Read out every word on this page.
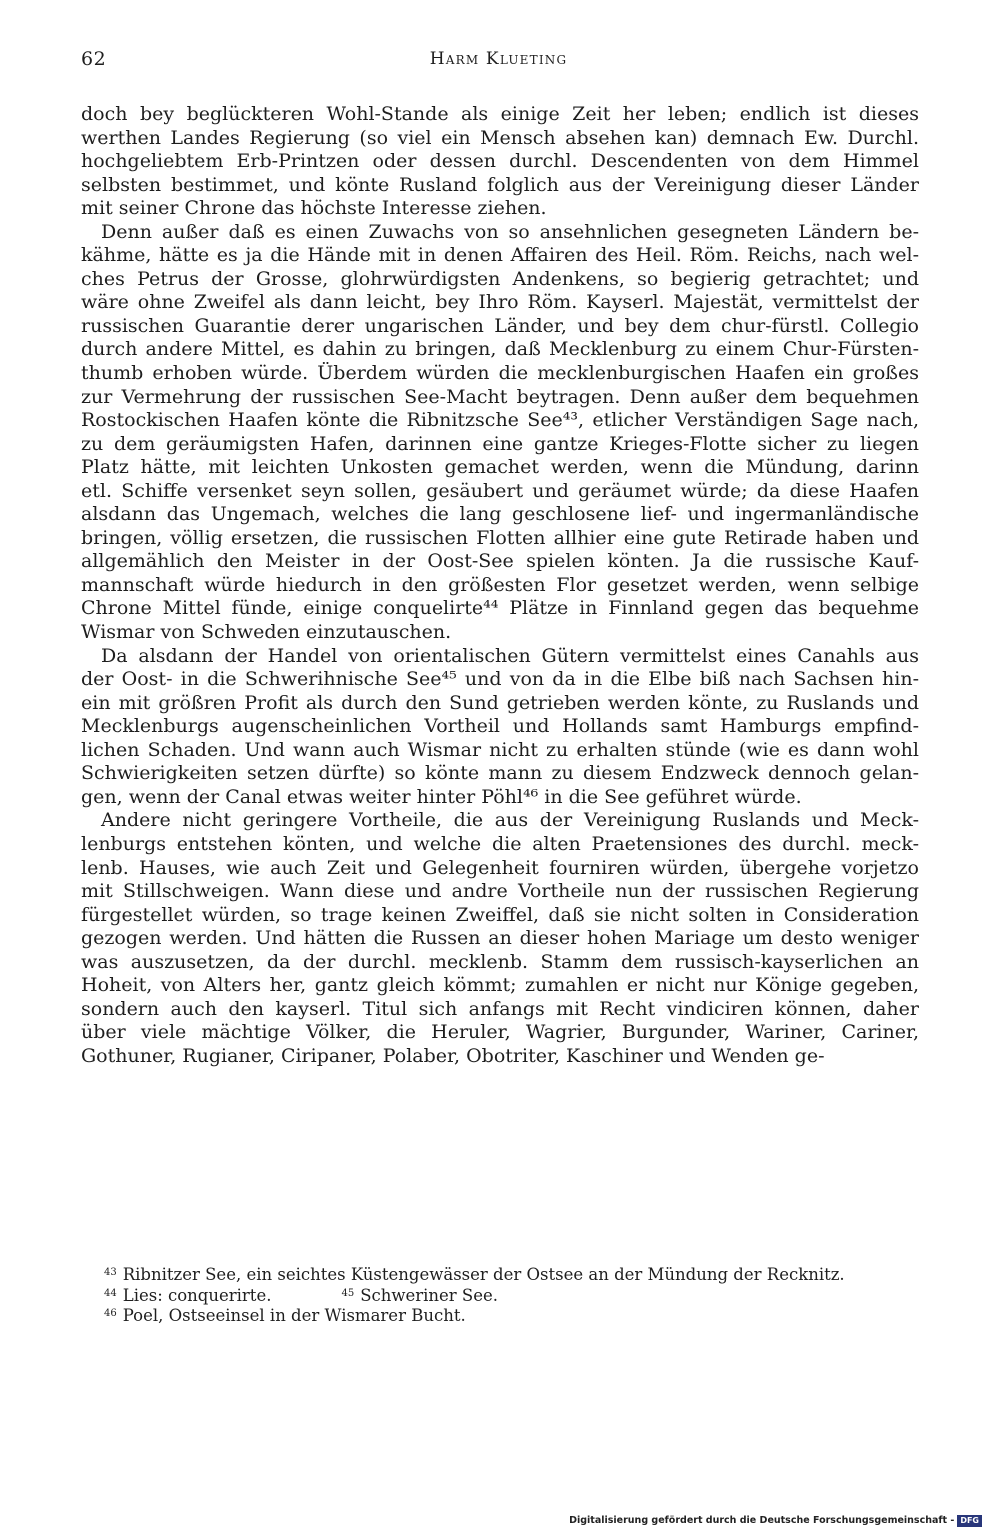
62	Harm Klueting
doch bey beglückteren Wohl-Stande als einige Zeit her leben; endlich ist dieses
werthen Landes Regierung (so viel ein Mensch absehen kan) demnach Ew. Durchl.
hochgeliebtem Erb-Printzen oder dessen durchl. Descendenten von dem Himmel
selbsten bestimmet, und könte Rusland folglich aus der Vereinigung dieser Länder
mit seiner Chrone das höchste Interesse ziehen.
Denn außer daß es einen Zuwachs von so ansehnlichen gesegneten Ländern be-
kähme, hätte es ja die Hände mit in denen Affairen des Heil. Röm. Reichs, nach wel-
ches Petrus der Grosse, glohrwürdigsten Andenkens, so begierig getrachtet; und
wäre ohne Zweifel als dann leicht, bey Ihro Röm. Kayserl. Majestät, vermittelst der
russischen Guarantie derer ungarischen Länder, und bey dem chur-fürstl. Collegio
durch andere Mittel, es dahin zu bringen, daß Mecklenburg zu einem Chur-Fürsten-
thumb erhoben würde. Überdem würden die mecklenburgischen Haafen ein großes
zur Vermehrung der russischen See-Macht beytragen. Denn außer dem bequehmen
Rostockischen Haafen könte die Ribnitzsche See⁴³, etlicher Verständigen Sage nach,
zu dem geräumigsten Hafen, darinnen eine gantze Krieges-Flotte sicher zu liegen
Platz hätte, mit leichten Unkosten gemachet werden, wenn die Mündung, darinn
etl. Schiffe versenket seyn sollen, gesäubert und geräumet würde; da diese Haafen
alsdann das Ungemach, welches die lang geschlosene lief- und ingermanländische
bringen, völlig ersetzen, die russischen Flotten allhier eine gute Retirade haben und
allgemählich den Meister in der Oost-See spielen könten. Ja die russische Kauf-
mannschaft würde hiedurch in den größesten Flor gesetzet werden, wenn selbige
Chrone Mittel fünde, einige conquelirte⁴⁴ Plätze in Finnland gegen das bequehme
Wismar von Schweden einzutauschen.
Da alsdann der Handel von orientalischen Gütern vermittelst eines Canahls aus
der Oost- in die Schwerihnische See⁴⁵ und von da in die Elbe biß nach Sachsen hin-
ein mit größren Profit als durch den Sund getrieben werden könte, zu Ruslands und
Mecklenburgs augenscheinlichen Vortheil und Hollands samt Hamburgs empfind-
lichen Schaden. Und wann auch Wismar nicht zu erhalten stünde (wie es dann wohl
Schwierigkeiten setzen dürfte) so könte mann zu diesem Endzweck dennoch gelan-
gen, wenn der Canal etwas weiter hinter Pöhl⁴⁶ in die See geführet würde.
Andere nicht geringere Vortheile, die aus der Vereinigung Ruslands und Meck-
lenburgs entstehen könten, und welche die alten Praetensiones des durchl. meck-
lenb. Hauses, wie auch Zeit und Gelegenheit fourniren würden, übergehe vorjetzo
mit Stillschweigen. Wann diese und andre Vortheile nun der russischen Regierung
fürgestellet würden, so trage keinen Zweiffel, daß sie nicht solten in Consideration
gezogen werden. Und hätten die Russen an dieser hohen Mariage um desto weniger
was auszusetzen, da der durchl. mecklenb. Stamm dem russisch-kayserlichen an
Hoheit, von Alters her, gantz gleich kömmt; zumahlen er nicht nur Könige gegeben,
sondern auch den kayserl. Titul sich anfangs mit Recht vindiciren können, daher
über viele mächtige Völker, die Heruler, Wagrier, Burgunder, Wariner, Cariner,
Gothuner, Rugianer, Ciripaner, Polaber, Obotriter, Kaschiner und Wenden ge-
$^{43}$ Ribnitzer See, ein seichtes Küstengewässer der Ostsee an der Mündung der Recknitz.
$^{44}$ Lies: conquerirte.	$^{45}$ Schweriner See.
$^{46}$ Poel, Ostseeinsel in der Wismarer Bucht.
Digitalisierung gefördert durch die Deutsche Forschungsgemeinschaft - DFG
